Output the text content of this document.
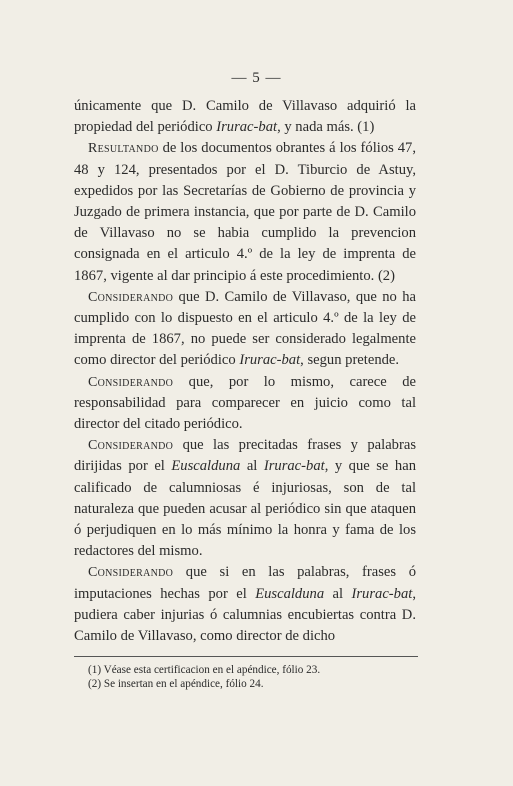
— 5 —

únicamente que D. Camilo de Villavaso adquirió la propiedad del periódico Irurac-bat, y nada más. (1)

Resultando de los documentos obrantes á los fólios 47, 48 y 124, presentados por el D. Tiburcio de Astuy, expedidos por las Secretarías de Gobierno de provincia y Juzgado de primera instancia, que por parte de D. Camilo de Villavaso no se habia cumplido la prevencion consignada en el articulo 4.º de la ley de imprenta de 1867, vigente al dar principio á este procedimiento. (2)

Considerando que D. Camilo de Villavaso, que no ha cumplido con lo dispuesto en el articulo 4.º de la ley de imprenta de 1867, no puede ser considerado legalmente como director del periódico Irurac-bat, segun pretende.

Considerando que, por lo mismo, carece de responsabilidad para comparecer en juicio como tal director del citado periódico.

Considerando que las precitadas frases y palabras dirijidas por el Euscalduna al Irurac-bat, y que se han calificado de calumniosas é injuriosas, son de tal naturaleza que pueden acusar al periódico sin que ataquen ó perjudiquen en lo más mínimo la honra y fama de los redactores del mismo.

Considerando que si en las palabras, frases ó imputaciones hechas por el Euscalduna al Irurac-bat, pudiera caber injurias ó calumnias encubiertas contra D. Camilo de Villavaso, como director de dicho

(1) Véase esta certificacion en el apéndice, fólio 23.
(2) Se insertan en el apéndice, fólio 24.
